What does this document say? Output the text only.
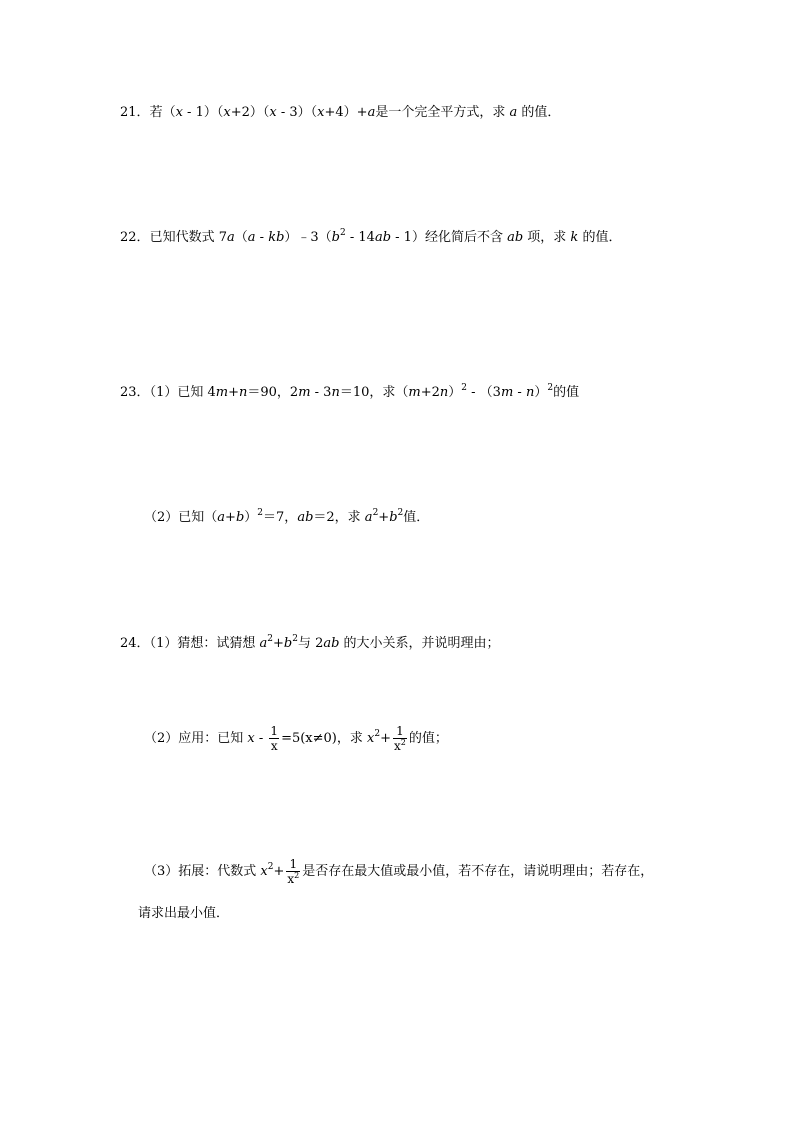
21．若（x - 1）（x+2）（x - 3）（x+4）+a是一个完全平方式，求 a 的值．
22．已知代数式 $7a(a - kb)﹣3(b^2 - 14ab - 1)$经化简后不含 ab 项，求 k 的值．
23．（1）已知 4m+n＝90，2m - 3n＝10，求$(m+2n)^2 - (3m - n)^2$的值
（2）已知$(a+b)^2=7$，ab＝2，求 $a^2+b^2$值．
24．（1）猜想：试猜想 $a^2+b^2$与 2ab 的大小关系，并说明理由；
（2）应用：已知 $x - \frac{1}{x} =5(x\ne 0)$，求 $x^2+ \frac{1}{x^2}$ 的值；
（3）拓展：代数式 $x^2+ \frac{1}{x^2}$ 是否存在最大值或最小值，若不存在，请说明理由；若存在，
请求出最小值．
